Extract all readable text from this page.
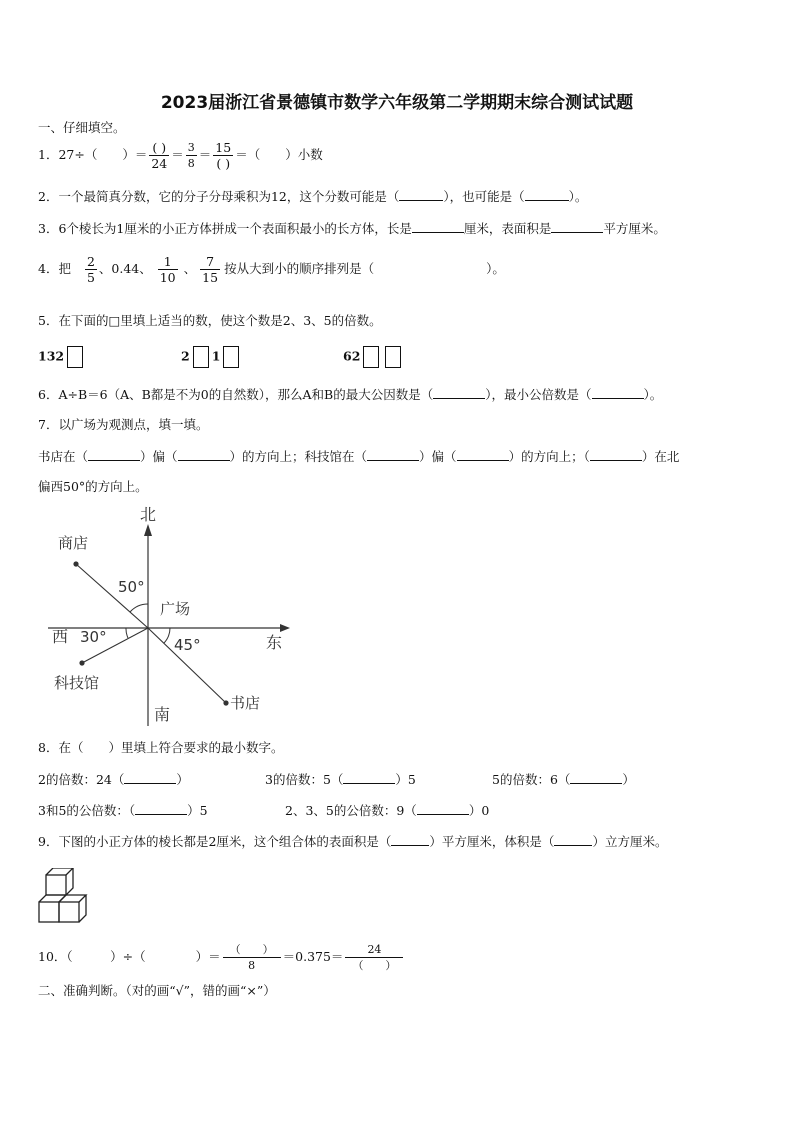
2023届浙江省景德镇市数学六年级第二学期期末综合测试试题
一、仔细填空。
1．27÷（　　）＝ $\frac{( )}{24} = \frac{3}{8} = \frac{15}{( )}$ ＝（　　）小数
2．一个最简真分数，它的分子分母乘积为12，这个分数可能是（	），也可能是（	）。
3．6个棱长为1厘米的小正方体拼成一个表面积最小的长方体，长是	厘米，表面积是	平方厘米。
4．把 $\frac{2}{5}$ 、0.44、 $\frac{1}{10}$ 、 $\frac{7}{15}$ 按从大到小的顺序排列是（	）。
5．在下面的□里填上适当的数，使这个数是2、3、5的倍数。
132	2 1	62
6．A÷B＝6（A、B都是不为0的自然数），那么A和B的最大公因数是（	），最小公倍数是（	）。
7．以广场为观测点，填一填。
书店在（	）偏（	）的方向上；科技馆在（	）偏（	）的方向上；（	）在北
偏西50°的方向上。
北
南
东
西
广场
商店
科技馆
书店
50°
30°	45°
8．在（　　）里填上符合要求的最小数字。
2的倍数：24（	）	3的倍数：5（	）5	5的倍数：6（	）
3和5的公倍数：（	）5	2、3、5的公倍数：9（	）0
9．下图的小正方体的棱长都是2厘米，这个组合体的表面积是（	）平方厘米，体积是（	）立方厘米。
10．（　　　）÷（　　　　）＝ $\frac{( )}{8} =0.375= \frac{24}{( )}$
二、准确判断。（对的画“√”，错的画“×”）
